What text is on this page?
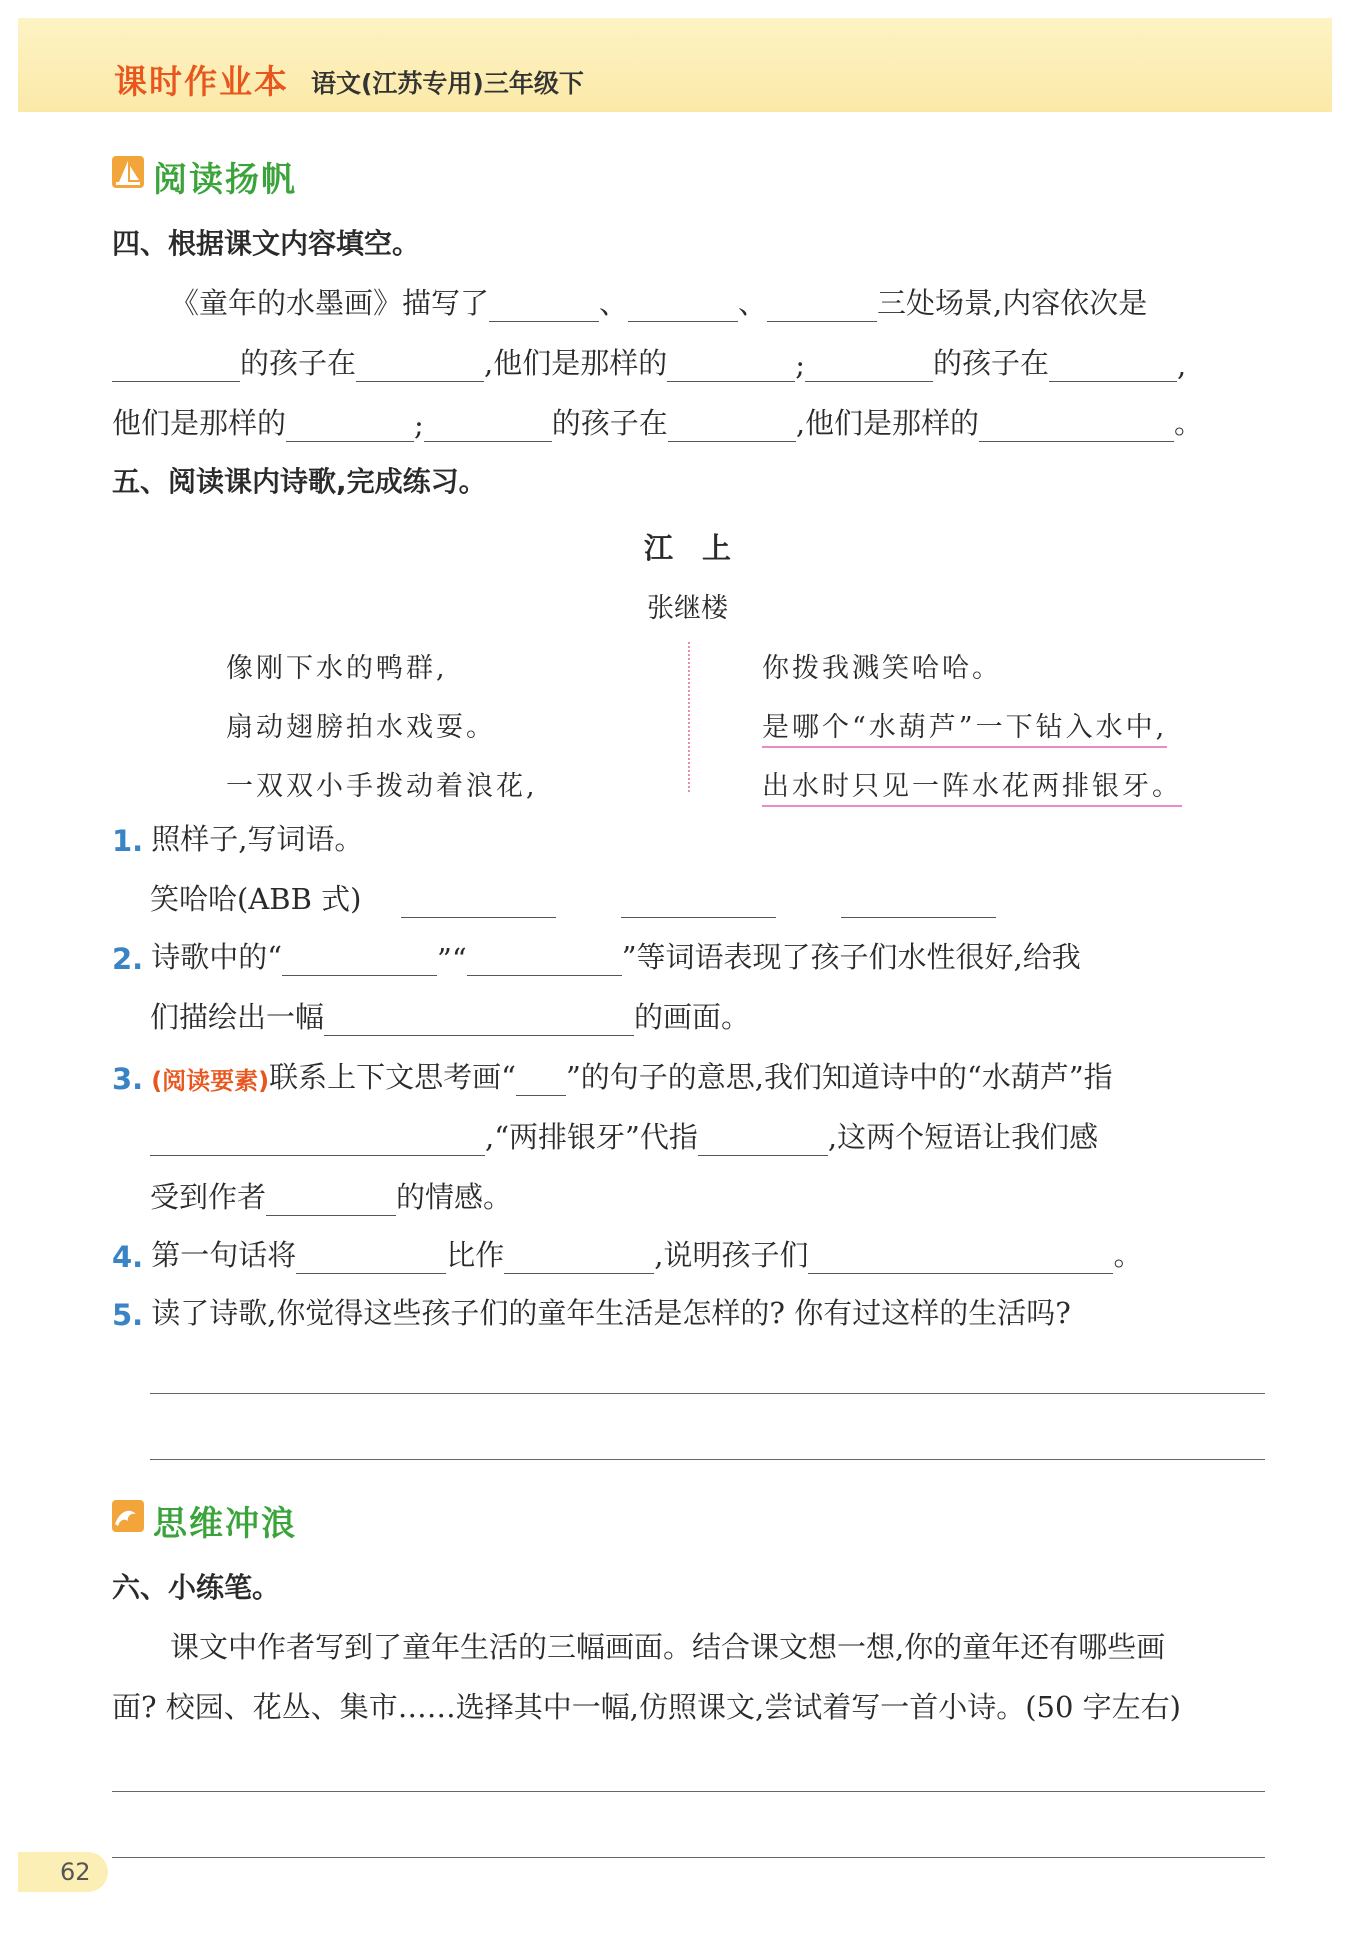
课时作业本 语文(江苏专用)三年级下
阅读扬帆
四、根据课文内容填空。
《童年的水墨画》描写了	、	、	三处场景,内容依次是
的孩子在	,他们是那样的	;	的孩子在	,
他们是那样的	;	的孩子在	,他们是那样的	。
五、阅读课内诗歌,完成练习。
江　上
张继楼
像刚下水的鸭群,
扇动翅膀拍水戏耍。
一双双小手拨动着浪花,
你拨我溅笑哈哈。
是哪个“水葫芦”一下钻入水中,
出水时只见一阵水花两排银牙。
1. 照样子,写词语。
笑哈哈(ABB 式)
2. 诗歌中的“	”“	”等词语表现了孩子们水性很好,给我
们描绘出一幅	的画面。
3. (阅读要素) 联系上下文思考画“ ”的句子的意思,我们知道诗中的“水葫芦”指
,“两排银牙”代指	,这两个短语让我们感
受到作者	的情感。
4. 第一句话将	比作	,说明孩子们	。
5. 读了诗歌,你觉得这些孩子们的童年生活是怎样的? 你有过这样的生活吗?
思维冲浪
六、小练笔。
课文中作者写到了童年生活的三幅画面。结合课文想一想,你的童年还有哪些画
面? 校园、花丛、集市……选择其中一幅,仿照课文,尝试着写一首小诗。(50 字左右)
62
